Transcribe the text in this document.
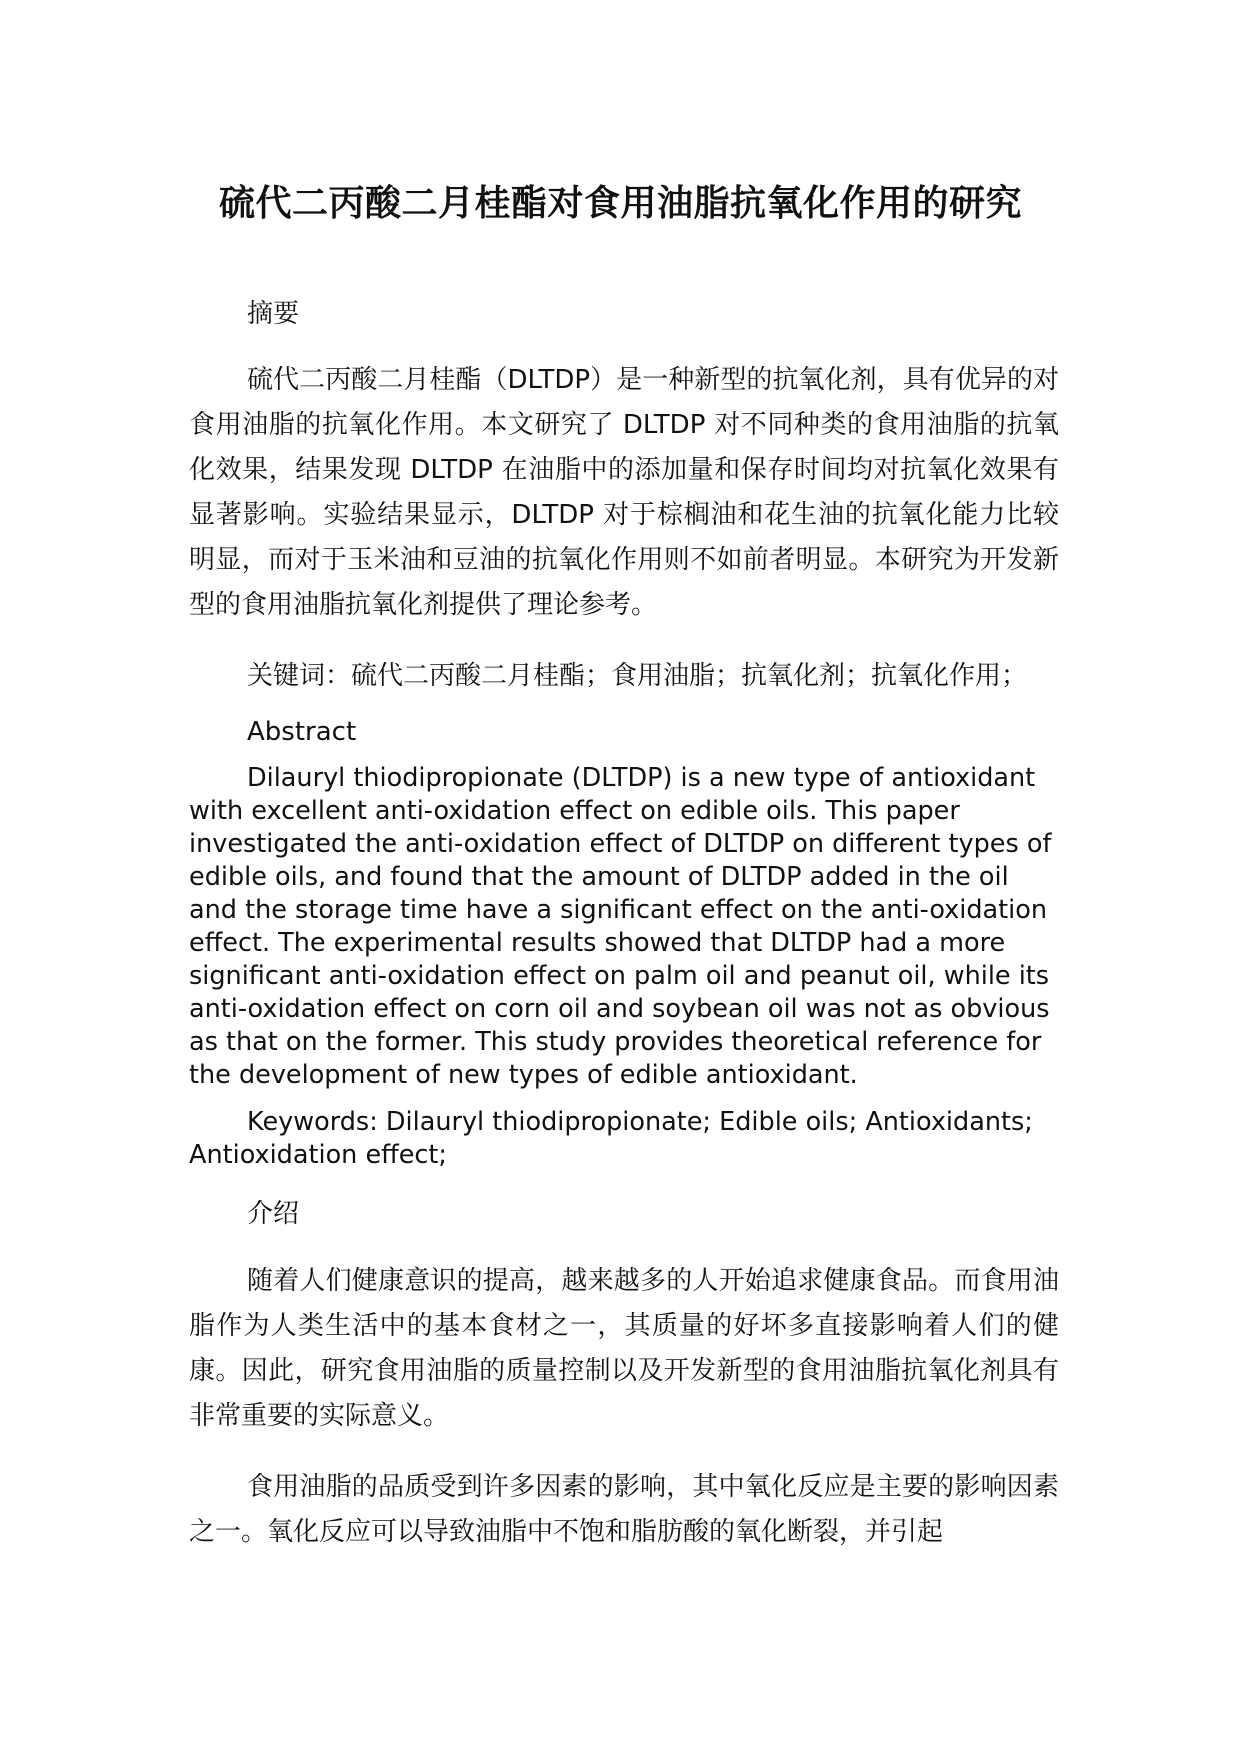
硫代二丙酸二月桂酯对食用油脂抗氧化作用的研究

摘要

硫代二丙酸二月桂酯（DLTDP）是一种新型的抗氧化剂，具有优异的对食用油脂的抗氧化作用。本文研究了 DLTDP 对不同种类的食用油脂的抗氧化效果，结果发现 DLTDP 在油脂中的添加量和保存时间均对抗氧化效果有显著影响。实验结果显示，DLTDP 对于棕榈油和花生油的抗氧化能力比较明显，而对于玉米油和豆油的抗氧化作用则不如前者明显。本研究为开发新型的食用油脂抗氧化剂提供了理论参考。

关键词：硫代二丙酸二月桂酯；食用油脂；抗氧化剂；抗氧化作用；

Abstract

Dilauryl thiodipropionate (DLTDP) is a new type of antioxidant with excellent anti-oxidation effect on edible oils. This paper investigated the anti-oxidation effect of DLTDP on different types of edible oils, and found that the amount of DLTDP added in the oil and the storage time have a significant effect on the anti-oxidation effect. The experimental results showed that DLTDP had a more significant anti-oxidation effect on palm oil and peanut oil, while its anti-oxidation effect on corn oil and soybean oil was not as obvious as that on the former. This study provides theoretical reference for the development of new types of edible antioxidant.

Keywords: Dilauryl thiodipropionate; Edible oils; Antioxidants; Antioxidation effect;

介绍

随着人们健康意识的提高，越来越多的人开始追求健康食品。而食用油脂作为人类生活中的基本食材之一，其质量的好坏多直接影响着人们的健康。因此，研究食用油脂的质量控制以及开发新型的食用油脂抗氧化剂具有非常重要的实际意义。

食用油脂的品质受到许多因素的影响，其中氧化反应是主要的影响因素之一。氧化反应可以导致油脂中不饱和脂肪酸的氧化断裂，并引起
